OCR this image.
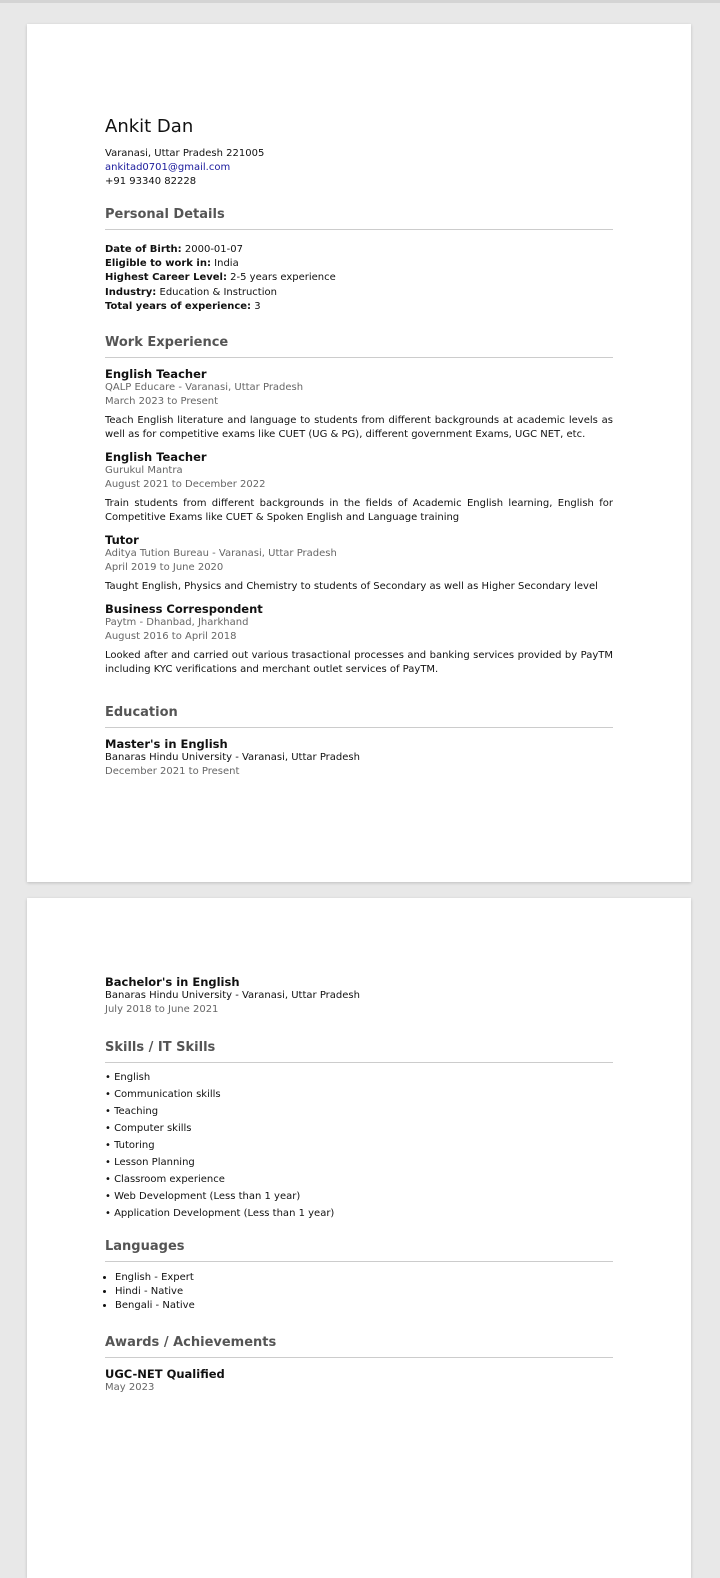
Ankit Dan
Varanasi, Uttar Pradesh 221005
ankitad0701@gmail.com
+91 93340 82228
Personal Details
Date of Birth: 2000-01-07
Eligible to work in: India
Highest Career Level: 2-5 years experience
Industry: Education & Instruction
Total years of experience: 3
Work Experience
English Teacher
QALP Educare - Varanasi, Uttar Pradesh
March 2023 to Present
Teach English literature and language to students from different backgrounds at academic levels as well as for competitive exams like CUET (UG & PG), different government Exams, UGC NET, etc.
English Teacher
Gurukul Mantra
August 2021 to December 2022
Train students from different backgrounds in the fields of Academic English learning, English for Competitive Exams like CUET & Spoken English and Language training
Tutor
Aditya Tution Bureau - Varanasi, Uttar Pradesh
April 2019 to June 2020
Taught English, Physics and Chemistry to students of Secondary as well as Higher Secondary level
Business Correspondent
Paytm - Dhanbad, Jharkhand
August 2016 to April 2018
Looked after and carried out various trasactional processes and banking services provided by PayTM including KYC verifications and merchant outlet services of PayTM.
Education
Master's in English
Banaras Hindu University - Varanasi, Uttar Pradesh
December 2021 to Present
Bachelor's in English
Banaras Hindu University - Varanasi, Uttar Pradesh
July 2018 to June 2021
Skills / IT Skills
• English
• Communication skills
• Teaching
• Computer skills
• Tutoring
• Lesson Planning
• Classroom experience
• Web Development (Less than 1 year)
• Application Development (Less than 1 year)
Languages
• English - Expert
• Hindi - Native
• Bengali - Native
Awards / Achievements
UGC-NET Qualified
May 2023
